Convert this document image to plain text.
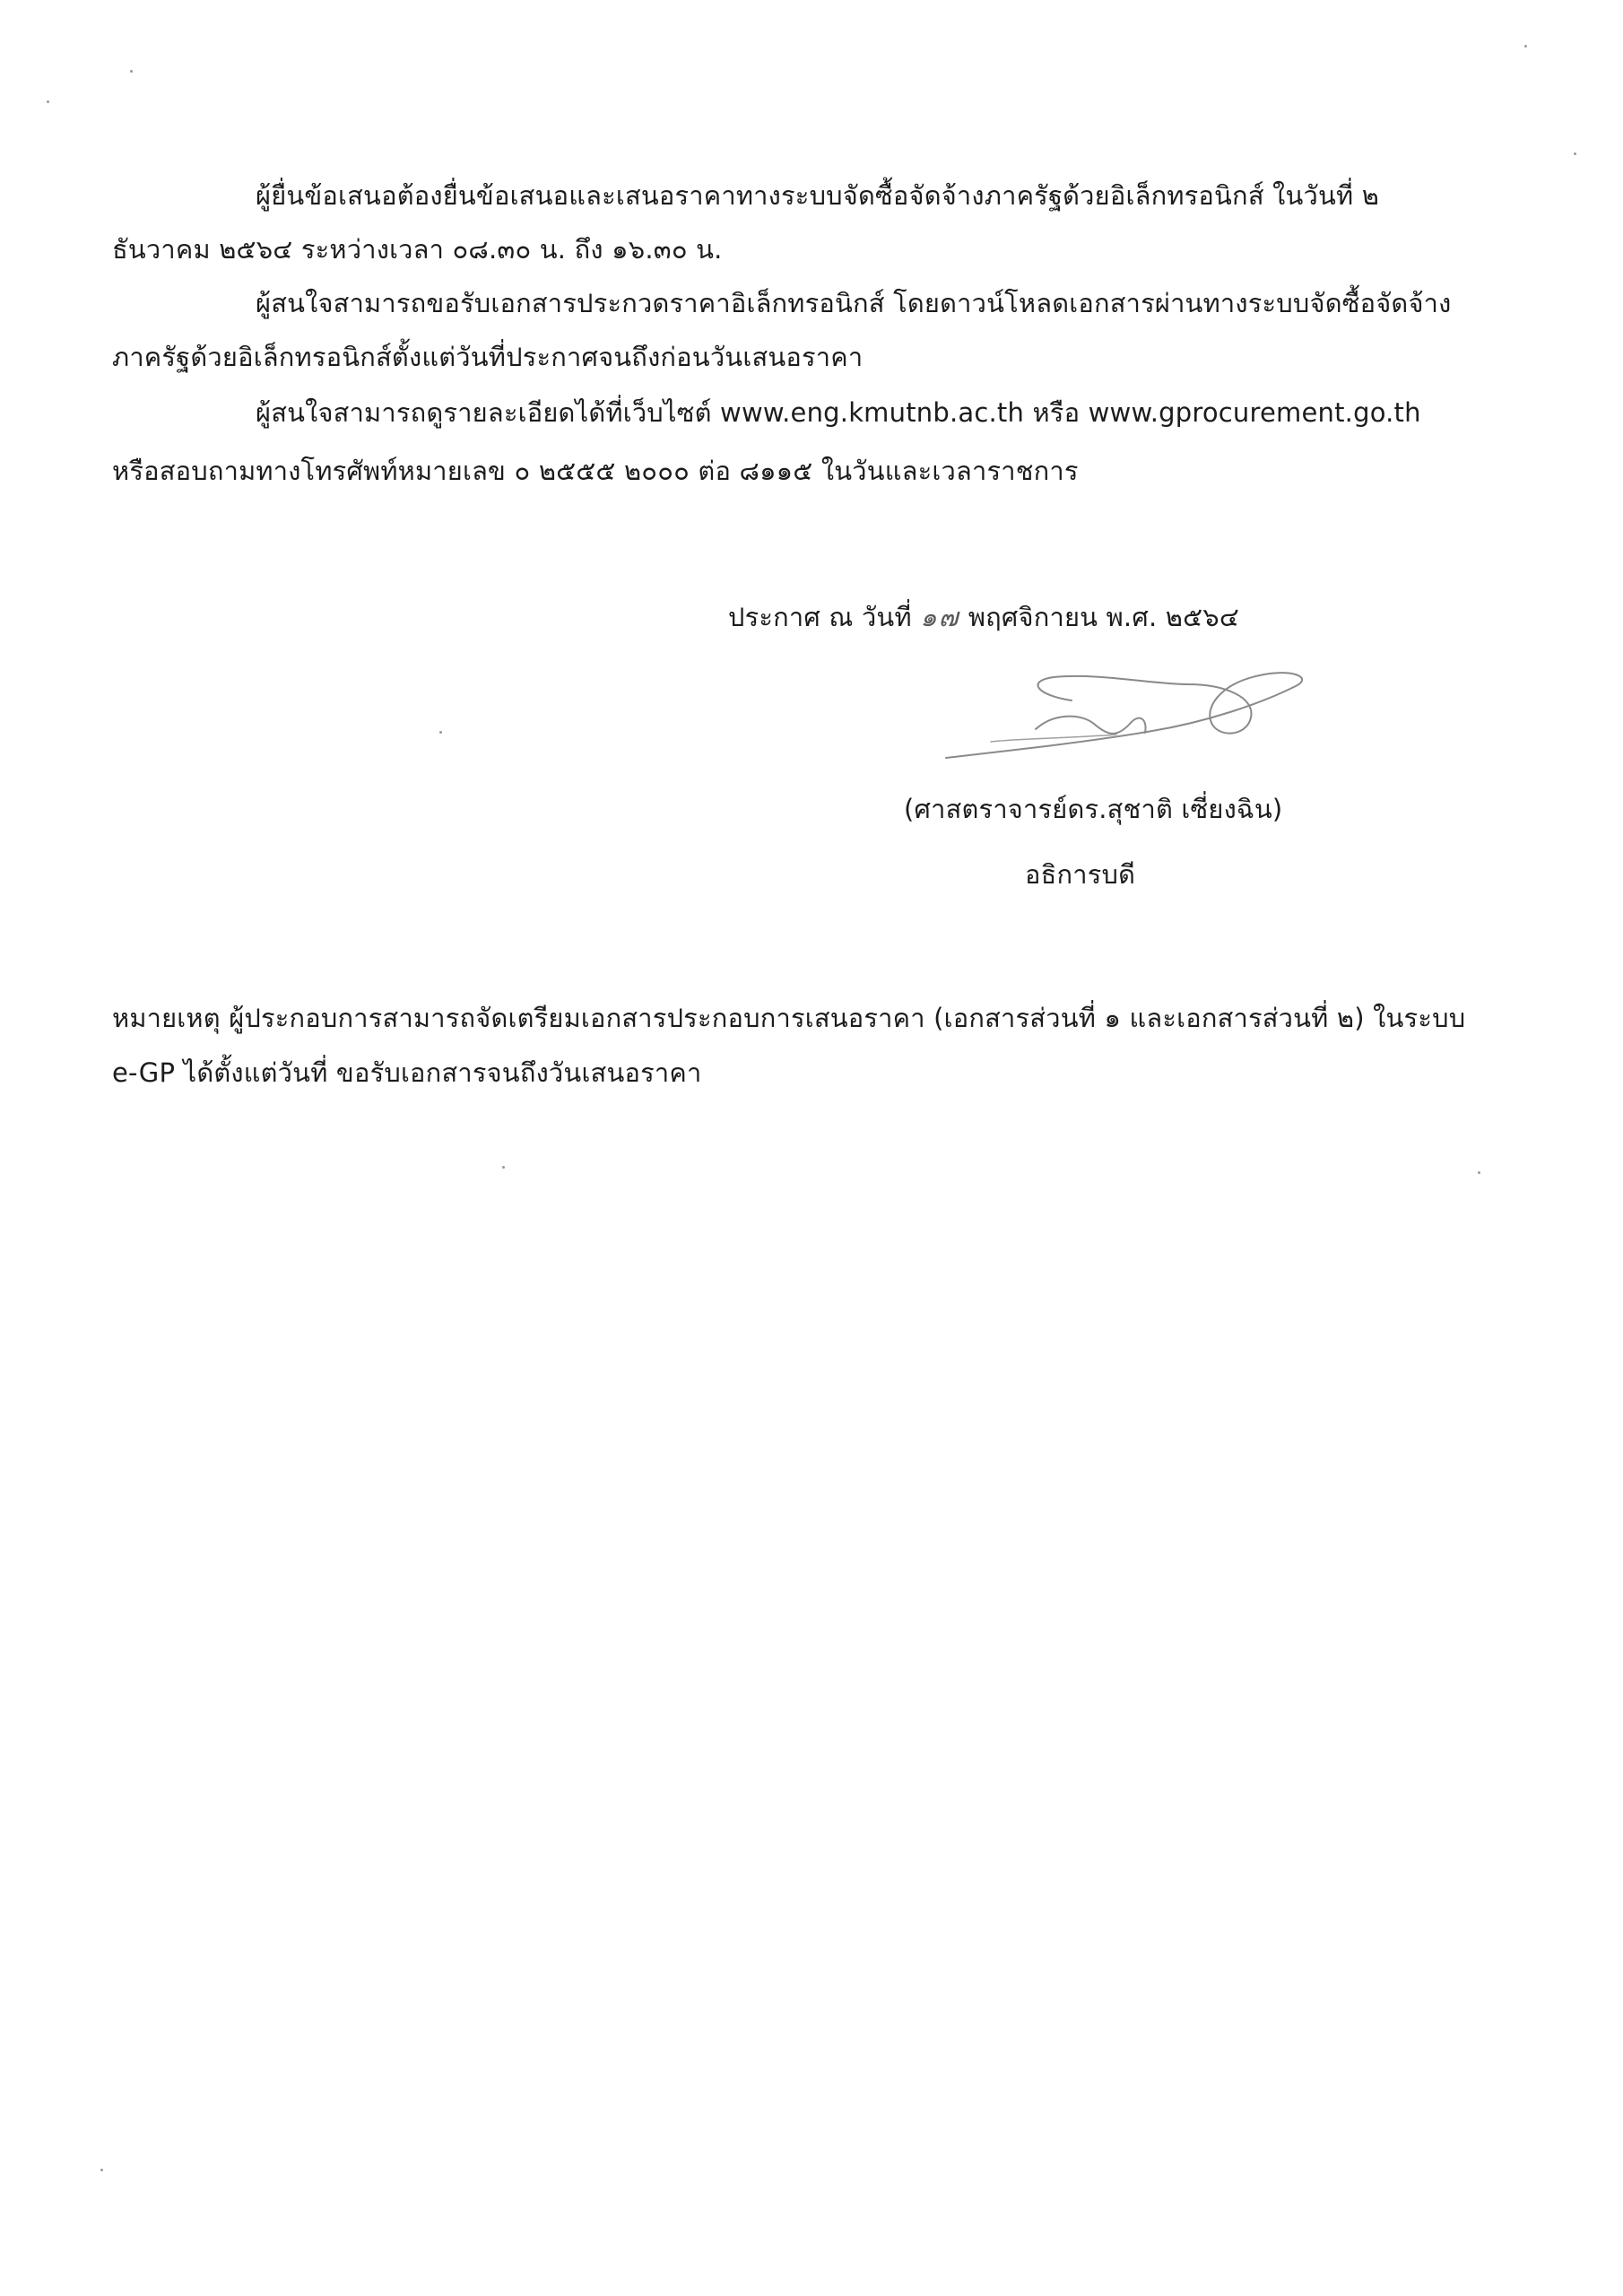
ผู้ยื่นข้อเสนอต้องยื่นข้อเสนอและเสนอราคาทางระบบจัดซื้อจัดจ้างภาครัฐด้วยอิเล็กทรอนิกส์ ในวันที่ ๒
ธันวาคม ๒๕๖๔ ระหว่างเวลา ๐๘.๓๐ น. ถึง ๑๖.๓๐ น.
ผู้สนใจสามารถขอรับเอกสารประกวดราคาอิเล็กทรอนิกส์ โดยดาวน์โหลดเอกสารผ่านทางระบบจัดซื้อจัดจ้าง
ภาครัฐด้วยอิเล็กทรอนิกส์ตั้งแต่วันที่ประกาศจนถึงก่อนวันเสนอราคา
ผู้สนใจสามารถดูรายละเอียดได้ที่เว็บไซต์ www.eng.kmutnb.ac.th หรือ www.gprocurement.go.th
หรือสอบถามทางโทรศัพท์หมายเลข ๐ ๒๕๕๕ ๒๐๐๐ ต่อ ๘๑๑๕ ในวันและเวลาราชการ
ประกาศ ณ วันที่ ๑๗ พฤศจิกายน พ.ศ. ๒๕๖๔
(ศาสตราจารย์ดร.สุชาติ เซี่ยงฉิน)
อธิการบดี
หมายเหตุ ผู้ประกอบการสามารถจัดเตรียมเอกสารประกอบการเสนอราคา (เอกสารส่วนที่ ๑ และเอกสารส่วนที่ ๒) ในระบบ
e-GP ได้ตั้งแต่วันที่ ขอรับเอกสารจนถึงวันเสนอราคา
